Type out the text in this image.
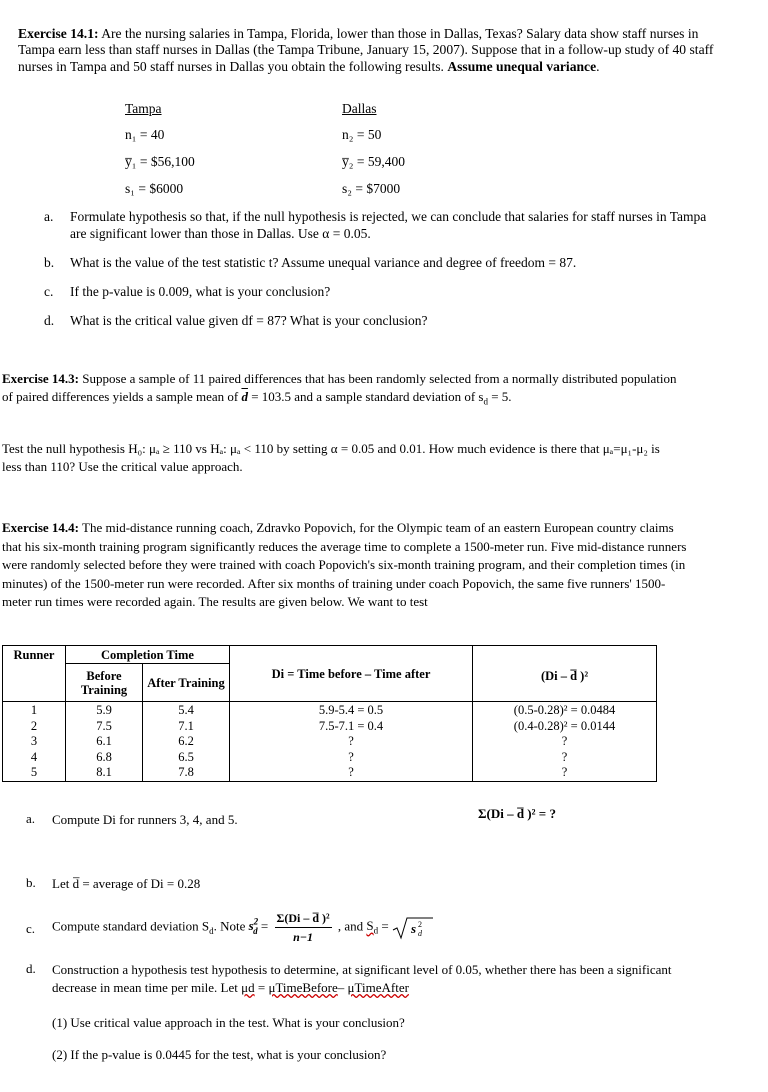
Exercise 14.1: Are the nursing salaries in Tampa, Florida, lower than those in Dallas, Texas? Salary data show staff nurses in Tampa earn less than staff nurses in Dallas (the Tampa Tribune, January 15, 2007). Suppose that in a follow-up study of 40 staff nurses in Tampa and 50 staff nurses in Dallas you obtain the following results. Assume unequal variance.
Tampa	Dallas
n₁ = 40	n₂ = 50
y̅₁ = $56,100	y̅₂ = 59,400
s₁ = $6000	s₂ = $7000
a. Formulate hypothesis so that, if the null hypothesis is rejected, we can conclude that salaries for staff nurses in Tampa are significant lower than those in Dallas. Use α = 0.05.
b. What is the value of the test statistic t? Assume unequal variance and degree of freedom = 87.
c. If the p-value is 0.009, what is your conclusion?
d. What is the critical value given df = 87? What is your conclusion?
Exercise 14.3: Suppose a sample of 11 paired differences that has been randomly selected from a normally distributed population of paired differences yields a sample mean of $\overline{d} = 103.5$ and a sample standard deviation of $s_d = 5$.
Test the null hypothesis H₀: μₐ ≥ 110 vs Hₐ: μₐ < 110 by setting α = 0.05 and 0.01. How much evidence is there that μₐ=μ₁-μ₂ is less than 110? Use the critical value approach.
Exercise 14.4: The mid-distance running coach, Zdravko Popovich, for the Olympic team of an eastern European country claims that his six-month training program significantly reduces the average time to complete a 1500-meter run. Five mid-distance runners were randomly selected before they were trained with coach Popovich's six-month training program, and their completion times (in minutes) of the 1500-meter run were recorded. After six months of training under coach Popovich, the same five runners' 1500-meter run times were recorded again. The results are given below. We want to test
Runner	Completion Time		Di = Time before – Time after	(Di – d̅ )²
	Before Training	After Training		
1	5.9	5.4	5.9-5.4 = 0.5	(0.5-0.28)² = 0.0484
2	7.5	7.1	7.5-7.1 = 0.4	(0.4-0.28)² = 0.0144
3	6.1	6.2	?	?
4	6.8	6.5	?	?
5	8.1	7.8	?	?
Σ(Di – d̅ )² = ?
a. Compute Di for runners 3, 4, and 5.
b. Let d̅ = average of Di = 0.28
c. Compute standard deviation $S_d$. Note $s^2_d = \frac{\text{Σ(Di – d̅ )²}}{n-1}$ , and $S_d = s$ 2
d
d. Construction a hypothesis test hypothesis to determine, at significant level of 0.05, whether there has been a significant decrease in mean time per mile. Let μd = μTimeBefore– μTimeAfter
(1) Use critical value approach in the test. What is your conclusion?
(2) If the p-value is 0.0445 for the test, what is your conclusion?
